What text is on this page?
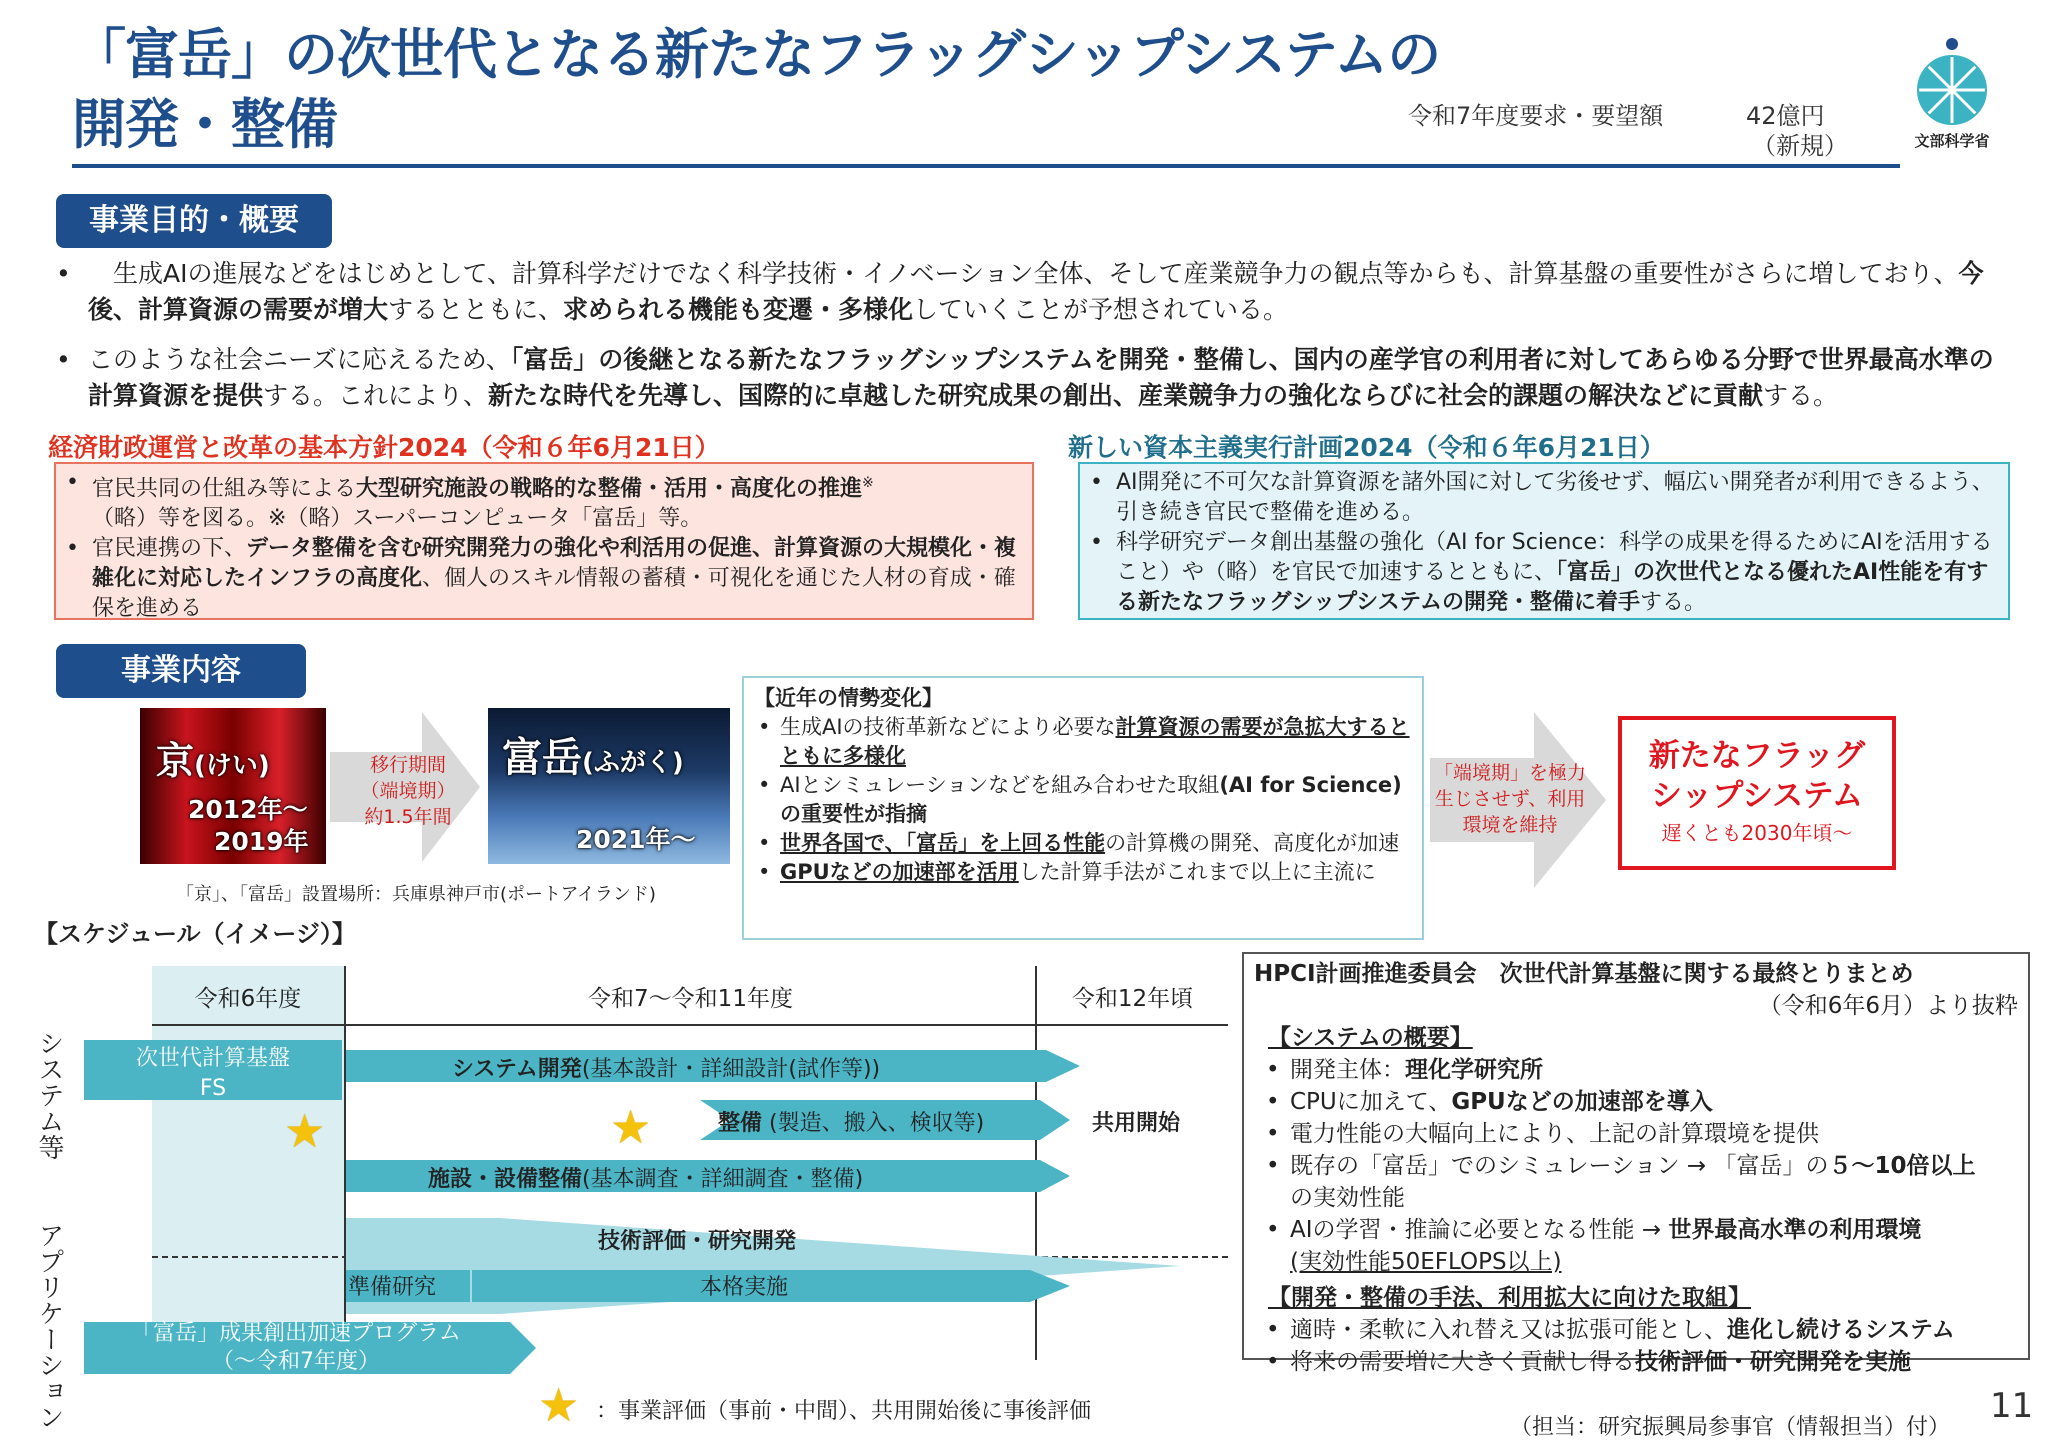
「富岳」の次世代となる新たなフラッグシップシステムの
開発・整備	令和7年度要求・要望額	42億円
（新規）	文部科学省
事業目的・概要
• 　生成AIの進展などをはじめとして、計算科学だけでなく科学技術・イノベーション全体、そして産業競争力の観点等からも、計算基盤の重要性がさらに増しており、今後、計算資源の需要が増大するとともに、求められる機能も変遷・多様化していくことが予想されている。
• このような社会ニーズに応えるため、「富岳」の後継となる新たなフラッグシップシステムを開発・整備し、国内の産学官の利用者に対してあらゆる分野で世界最高水準の計算資源を提供する。これにより、新たな時代を先導し、国際的に卓越した研究成果の創出、産業競争力の強化ならびに社会的課題の解決などに貢献する。
経済財政運営と改革の基本方針2024（令和６年6月21日）

• 官民共同の仕組み等による大型研究施設の戦略的な整備・活用・高度化の推進※
（略）等を図る。※（略）スーパーコンピュータ「富岳」等。

• 官民連携の下、データ整備を含む研究開発力の強化や利活用の促進、計算資源の大規模化・複雑化に対応したインフラの高度化、個人のスキル情報の蓄積・可視化を通じた人材の育成・確保を進める

新しい資本主義実行計画2024（令和６年6月21日）

• AI開発に不可欠な計算資源を諸外国に対して劣後せず、幅広い開発者が利用できるよう、引き続き官民で整備を進める。

• 科学研究データ創出基盤の強化（AI for Science：科学の成果を得るためにAIを活用すること）や（略）を官民で加速するとともに、「富岳」の次世代となる優れたAI性能を有する新たなフラッグシップシステムの開発・整備に着手する。

事業内容
京(けい)
2012年～
2019年
移行期間
（端境期）
約1.5年間
富岳(ふがく)
2021年～
「京」、「富岳」設置場所：兵庫県神戸市(ポートアイランド)
【近年の情勢変化】

• 生成AIの技術革新などにより必要な計算資源の需要が急拡大するとともに多様化

• AIとシミュレーションなどを組み合わせた取組(AI for Science)の重要性が指摘

• 世界各国で、「富岳」を上回る性能の計算機の開発、高度化が加速

• GPUなどの加速部を活用した計算手法がこれまで以上に主流に

「端境期」を極力
生じさせず、利用
環境を維持
新たなフラッグ
シップシステム
遅くとも2030年頃～
【スケジュール（イメージ）】
令和6年度	令和7～令和11年度	令和12年頃
システム等
アプリケーション
次世代計算基盤
FS
システム開発(基本設計・詳細設計(試作等))
整備 (製造、搬入、検収等)	共用開始
施設・設備整備(基本調査・詳細調査・整備)
技術評価・研究開発
準備研究	本格実施
「富岳」成果創出加速プログラム
（～令和7年度）
★	★
★ ：事業評価（事前・中間）、共用開始後に事後評価

HPCI計画推進委員会　次世代計算基盤に関する最終とりまとめ

（令和6年6月）より抜粋

【システムの概要】

• 開発主体：理化学研究所

• CPUに加えて、GPUなどの加速部を導入

• 電力性能の大幅向上により、上記の計算環境を提供

• 既存の「富岳」でのシミュレーション → 「富岳」の５～10倍以上
の実効性能

• AIの学習・推論に必要となる性能 → 世界最高水準の利用環境
(実効性能50EFLOPS以上)

【開発・整備の手法、利用拡大に向けた取組】

• 適時・柔軟に入れ替え又は拡張可能とし、進化し続けるシステム

• 将来の需要増に大きく貢献し得る技術評価・研究開発を実施

（担当：研究振興局参事官（情報担当）付）
11
